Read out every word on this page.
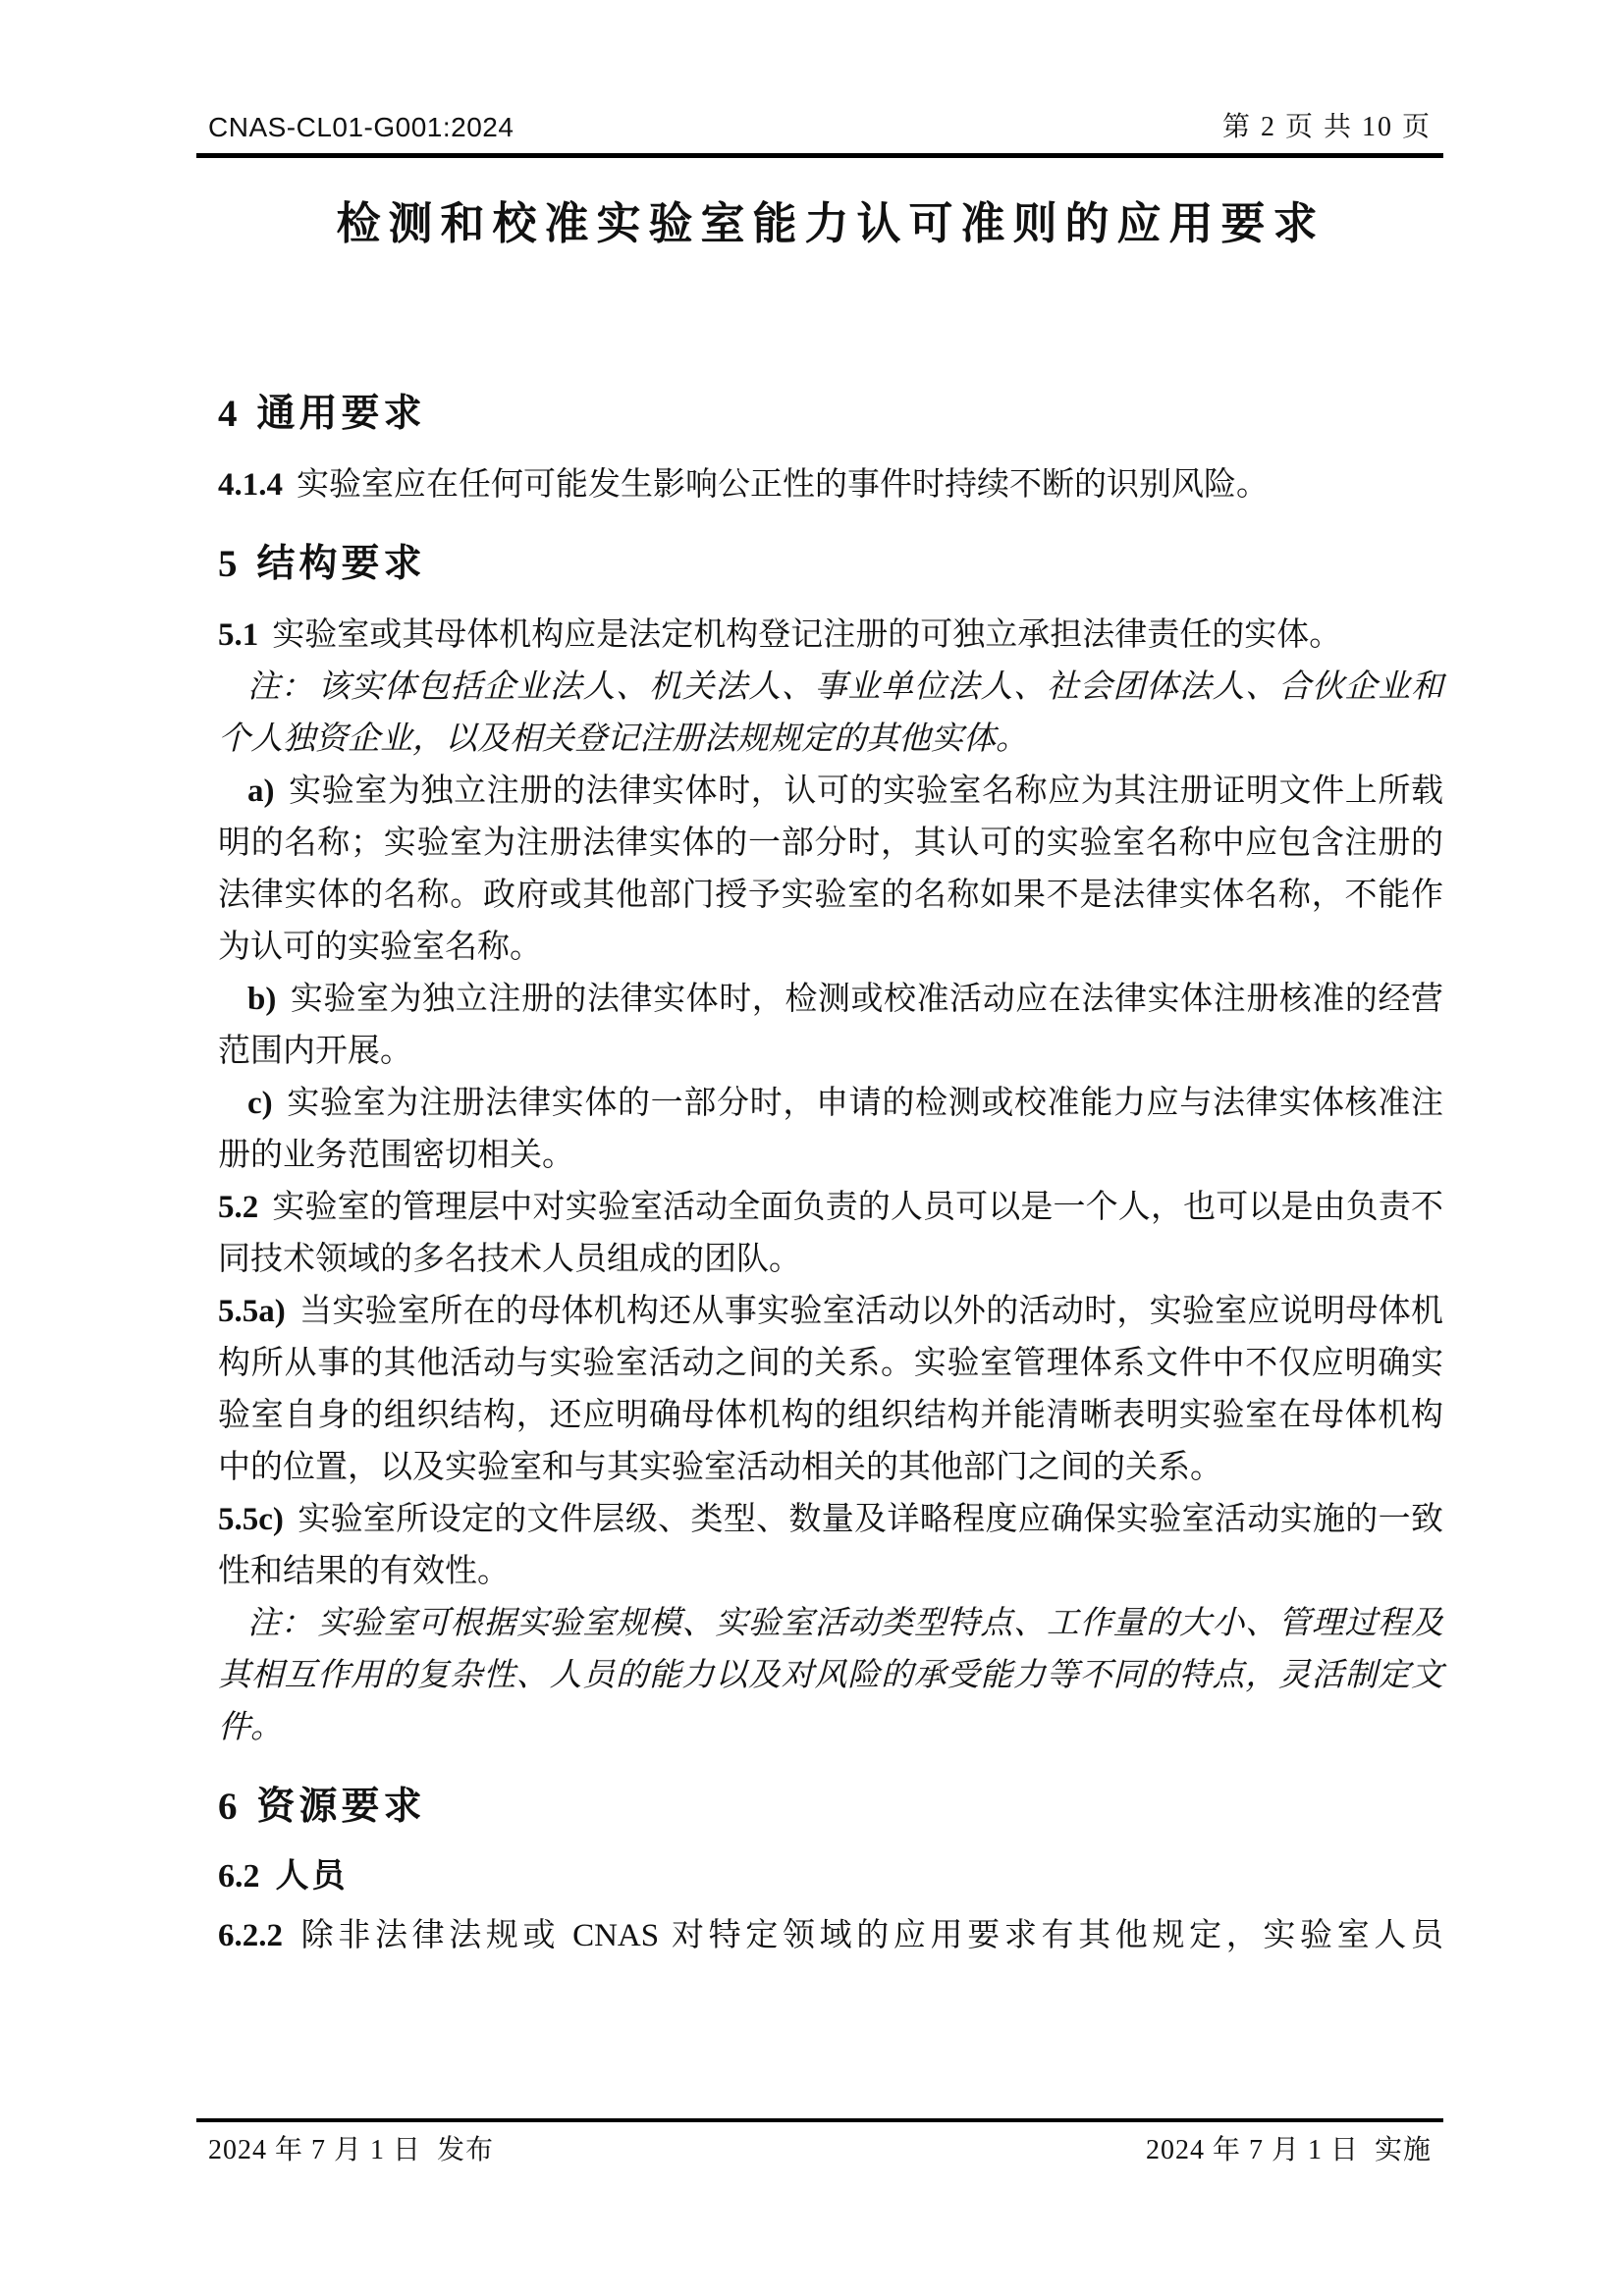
CNAS-CL01-G001:2024	第 2 页 共 10 页
检测和校准实验室能力认可准则的应用要求
4 通用要求

4.1.4 实验室应在任何可能发生影响公正性的事件时持续不断的识别风险。

5 结构要求

5.1 实验室或其母体机构应是法定机构登记注册的可独立承担法律责任的实体。

注： 该实体包括企业法人、机关法人、事业单位法人、社会团体法人、合伙企业和个人独资企业，以及相关登记注册法规规定的其他实体。

a) 实验室为独立注册的法律实体时，认可的实验室名称应为其注册证明文件上所载明的名称；实验室为注册法律实体的一部分时，其认可的实验室名称中应包含注册的法律实体的名称。政府或其他部门授予实验室的名称如果不是法律实体名称，不能作为认可的实验室名称。

b) 实验室为独立注册的法律实体时，检测或校准活动应在法律实体注册核准的经营范围内开展。

c) 实验室为注册法律实体的一部分时，申请的检测或校准能力应与法律实体核准注册的业务范围密切相关。

5.2 实验室的管理层中对实验室活动全面负责的人员可以是一个人，也可以是由负责不同技术领域的多名技术人员组成的团队。

5.5a) 当实验室所在的母体机构还从事实验室活动以外的活动时，实验室应说明母体机构所从事的其他活动与实验室活动之间的关系。实验室管理体系文件中不仅应明确实验室自身的组织结构，还应明确母体机构的组织结构并能清晰表明实验室在母体机构中的位置，以及实验室和与其实验室活动相关的其他部门之间的关系。

5.5c) 实验室所设定的文件层级、类型、数量及详略程度应确保实验室活动实施的一致性和结果的有效性。

注： 实验室可根据实验室规模、实验室活动类型特点、工作量的大小、管理过程及其相互作用的复杂性、人员的能力以及对风险的承受能力等不同的特点，灵活制定文件。

6 资源要求
6.2 人员

6.2.2 除非法律法规或 CNAS 对特定领域的应用要求有其他规定，实验室人员

2024 年 7 月 1 日 发布	2024 年 7 月 1 日 实施
